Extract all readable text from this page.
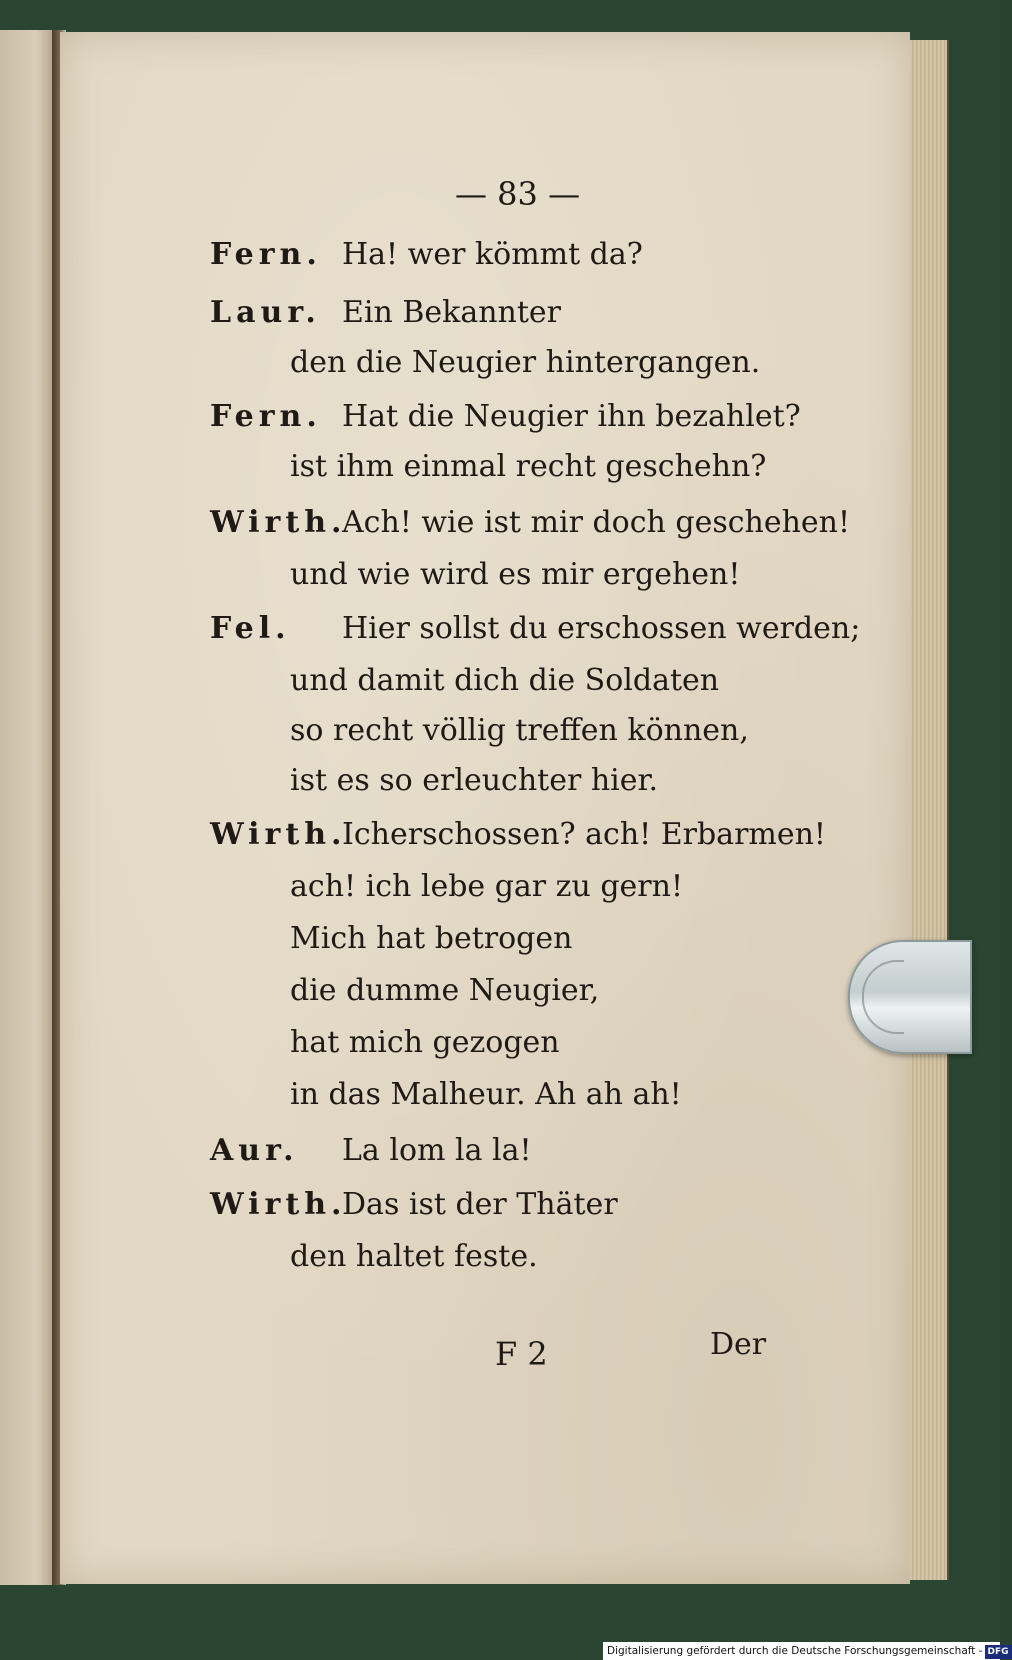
— 83 —
Fern. Ha! wer kömmt da?
Laur. Ein Bekannter
den die Neugier hintergangen.
Fern. Hat die Neugier ihn bezahlet?
ist ihm einmal recht geschehn?
Wirth.
Ach! wie ist mir doch geschehen!
und wie wird es mir ergehen!
Fel. Hier sollst du erschossen werden;
und damit dich die Soldaten
so recht völlig treffen können,
ist es so erleuchter hier.
Wirth.
Icherschossen? ach! Erbarmen!
ach! ich lebe gar zu gern!
Mich hat betrogen
die dumme Neugier,
hat mich gezogen
in das Malheur. Ah ah ah!
Aur. La lom la la!
Wirth.
Das ist der Thäter
den haltet feste.
F 2	Der
Digitalisierung gefördert durch die Deutsche Forschungsgemeinschaft - DFG
